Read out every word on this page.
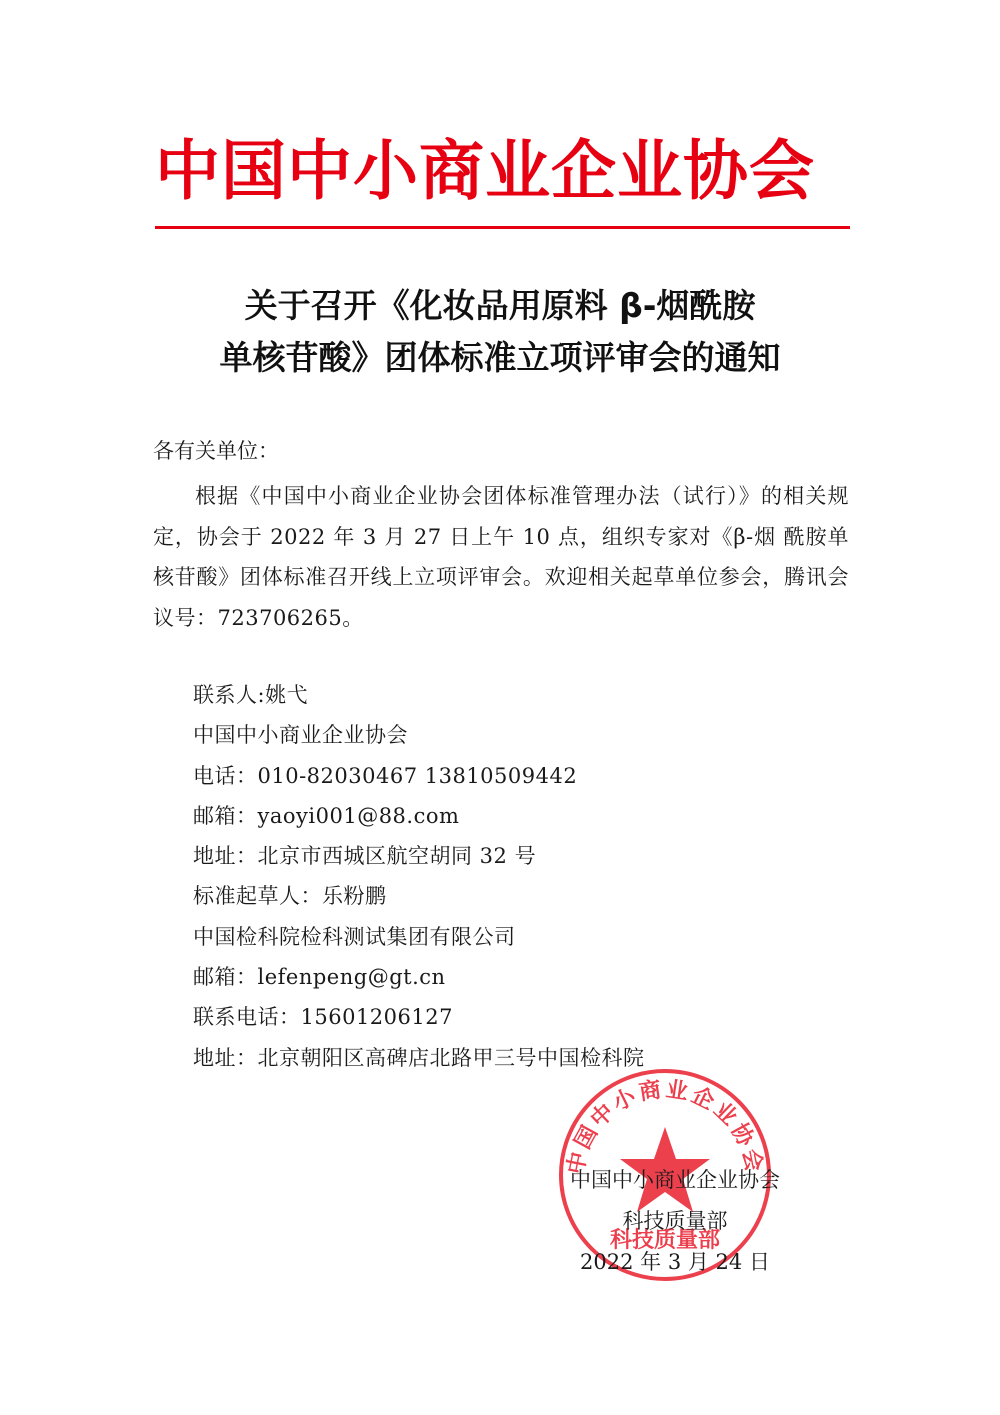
中国中小商业企业协会
关于召开《化妆品用原料 β-烟酰胺
单核苷酸》团体标准立项评审会的通知
各有关单位：
根据《中国中小商业企业协会团体标准管理办法（试行）》的相关规定，协会于 2022 年 3 月 27 日上午 10 点，组织专家对《β-烟 酰胺单核苷酸》团体标准召开线上立项评审会。欢迎相关起草单位参会，腾讯会议号：723706265。
联系人:姚弋
中国中小商业企业协会
电话：010-82030467 13810509442
邮箱：yaoyi001@88.com
地址：北京市西城区航空胡同 32 号
标准起草人：乐粉鹏
中国检科院检科测试集团有限公司
邮箱：lefenpeng@gt.cn
联系电话：15601206127
地址：北京朝阳区高碑店北路甲三号中国检科院
中国中小商业企业协会
科技质量部
中国中小商业企业协会
科技质量部
2022 年 3 月 24 日
